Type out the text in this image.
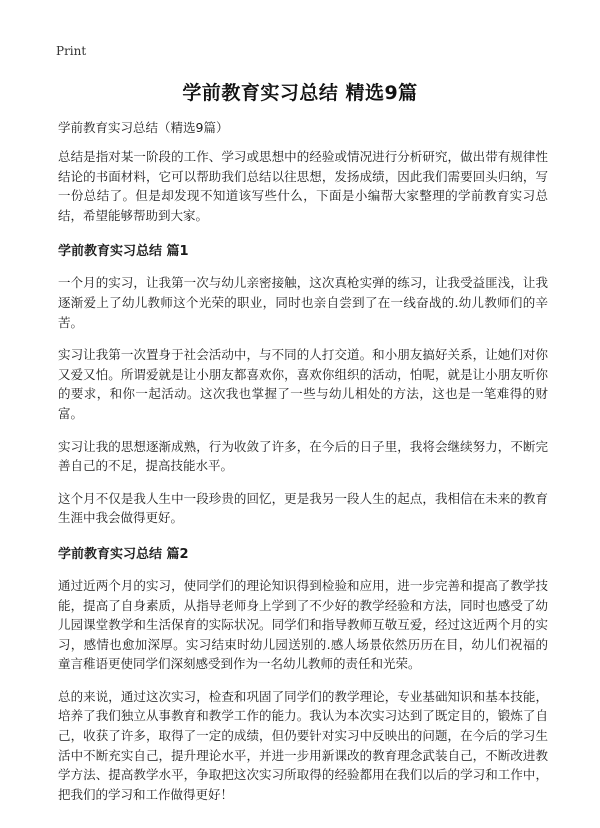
Print
学前教育实习总结 精选9篇
学前教育实习总结（精选9篇）

总结是指对某一阶段的工作、学习或思想中的经验或情况进行分析研究，做出带有规律性结论的书面材料，它可以帮助我们总结以往思想，发扬成绩，因此我们需要回头归纳，写一份总结了。但是却发现不知道该写些什么，下面是小编帮大家整理的学前教育实习总结，希望能够帮助到大家。

学前教育实习总结 篇1

一个月的实习，让我第一次与幼儿亲密接触，这次真枪实弹的练习，让我受益匪浅，让我逐渐爱上了幼儿教师这个光荣的职业，同时也亲自尝到了在一线奋战的.幼儿教师们的辛苦。

实习让我第一次置身于社会活动中，与不同的人打交道。和小朋友搞好关系，让她们对你又爱又怕。所谓爱就是让小朋友都喜欢你，喜欢你组织的活动，怕呢，就是让小朋友听你的要求，和你一起活动。这次我也掌握了一些与幼儿相处的方法，这也是一笔难得的财富。

实习让我的思想逐渐成熟，行为收敛了许多，在今后的日子里，我将会继续努力，不断完善自己的不足，提高技能水平。

这个月不仅是我人生中一段珍贵的回忆，更是我另一段人生的起点，我相信在未来的教育生涯中我会做得更好。

学前教育实习总结 篇2

通过近两个月的实习，使同学们的理论知识得到检验和应用，进一步完善和提高了教学技能，提高了自身素质，从指导老师身上学到了不少好的教学经验和方法，同时也感受了幼儿园课堂教学和生活保育的实际状况。同学们和指导教师互敬互爱，经过这近两个月的实习，感情也愈加深厚。实习结束时幼儿园送别的.感人场景依然历历在目，幼儿们祝福的童言稚语更使同学们深刻感受到作为一名幼儿教师的责任和光荣。

总的来说，通过这次实习，检查和巩固了同学们的教学理论，专业基础知识和基本技能，培养了我们独立从事教育和教学工作的能力。我认为本次实习达到了既定目的，锻炼了自己，收获了许多，取得了一定的成绩，但仍要针对实习中反映出的问题，在今后的学习生活中不断充实自己，提升理论水平，并进一步用新课改的教育理念武装自己，不断改进教学方法、提高教学水平，争取把这次实习所取得的经验都用在我们以后的学习和工作中，把我们的学习和工作做得更好！
